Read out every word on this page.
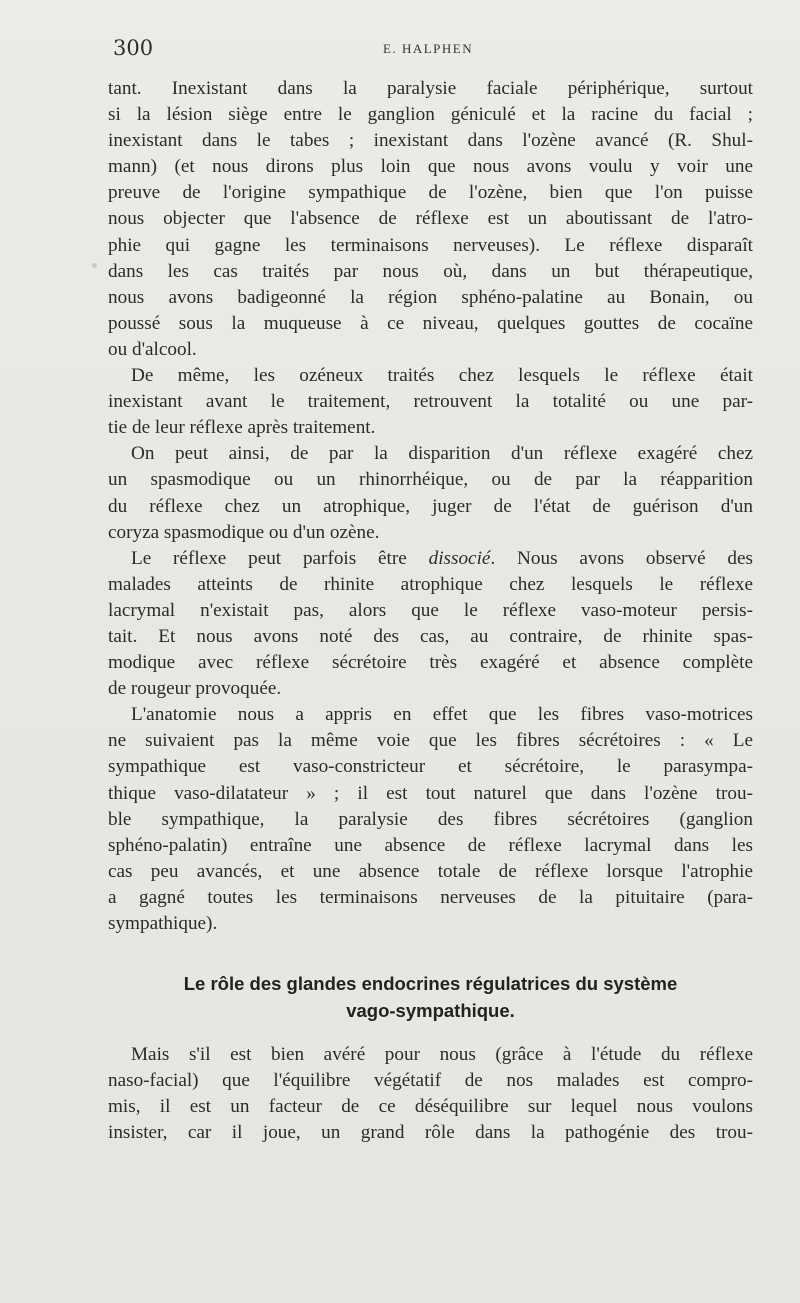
300	E. HALPHEN
tant. Inexistant dans la paralysie faciale périphérique, surtout
si la lésion siège entre le ganglion géniculé et la racine du facial ;
inexistant dans le tabes ; inexistant dans l'ozène avancé (R. Shul-
mann) (et nous dirons plus loin que nous avons voulu y voir une
preuve de l'origine sympathique de l'ozène, bien que l'on puisse
nous objecter que l'absence de réflexe est un aboutissant de l'atro-
phie qui gagne les terminaisons nerveuses). Le réflexe disparaît
dans les cas traités par nous où, dans un but thérapeutique,
nous avons badigeonné la région sphéno-palatine au Bonain, ou
poussé sous la muqueuse à ce niveau, quelques gouttes de cocaïne
ou d'alcool.
De même, les ozéneux traités chez lesquels le réflexe était
inexistant avant le traitement, retrouvent la totalité ou une par-
tie de leur réflexe après traitement.
On peut ainsi, de par la disparition d'un réflexe exagéré chez
un spasmodique ou un rhinorrhéique, ou de par la réapparition
du réflexe chez un atrophique, juger de l'état de guérison d'un
coryza spasmodique ou d'un ozène.
Le réflexe peut parfois être dissocié. Nous avons observé des
malades atteints de rhinite atrophique chez lesquels le réflexe
lacrymal n'existait pas, alors que le réflexe vaso-moteur persis-
tait. Et nous avons noté des cas, au contraire, de rhinite spas-
modique avec réflexe sécrétoire très exagéré et absence complète
de rougeur provoquée.
L'anatomie nous a appris en effet que les fibres vaso-motrices
ne suivaient pas la même voie que les fibres sécrétoires : « Le
sympathique est vaso-constricteur et sécrétoire, le parasympa-
thique vaso-dilatateur » ; il est tout naturel que dans l'ozène trou-
ble sympathique, la paralysie des fibres sécrétoires (ganglion
sphéno-palatin) entraîne une absence de réflexe lacrymal dans les
cas peu avancés, et une absence totale de réflexe lorsque l'atrophie
a gagné toutes les terminaisons nerveuses de la pituitaire (para-
sympathique).
Le rôle des glandes endocrines régulatrices du système
vago-sympathique.
Mais s'il est bien avéré pour nous (grâce à l'étude du réflexe
naso-facial) que l'équilibre végétatif de nos malades est compro-
mis, il est un facteur de ce déséquilibre sur lequel nous voulons
insister, car il joue, un grand rôle dans la pathogénie des trou-
